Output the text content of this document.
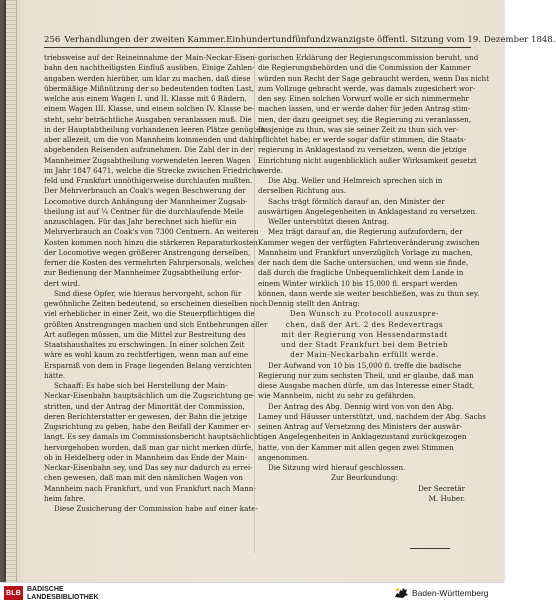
256 Verhandlungen der zweiten Kammer. Einhundertundfünfundzwanzigste öffentl. Sitzung vom 19. Dezember 1848.

triebsweise auf der Reineinnahme der Main-Neckar-Eisen-

bahn den nachtheiligsten Einfluß ausüben. Einige Zahlen-

angaben werden hierüber, um klar zu machen, daß diese

übermäßige Mißnützung der so bedeutenden todten Last,

welche aus einem Wagen I. und II. Klasse mit 6 Rädern,

einem Wagen III. Klasse, und einem solchen IV. Klasse be-

steht, sehr beträchtliche Ausgaben veranlassen muß. Die

in der Hauptabtheilung vorhandenen leeren Plätze genügten

aber allezeit, um die von Mannheim kommenden und dahin

abgehenden Reisenden aufzunehmen. Die Zahl der in der

Mannheimer Zugsabtheilung vorwendeten leeren Wagen

im Jahr 1847 6471, welche die Strecke zwischen Friedrichs-

feld und Frankfurt unnöthigerweise durchlaufen mußten.

Der Mehrverbrauch an Coak's wegen Beschwerung der

Locomotive durch Anhängung der Mannheimer Zugsab-

theilung ist auf ¼ Centner für die durchlaufende Meile

anzuschlagen. Für das Jahr berechnet sich hiefür ein

Mehrverbrauch an Coak's von 7300 Centnern. An weiteren

Kosten kommen noch hinzu die stärkeren Reparaturkosten

der Locomotive wegen größerer Anstrengung derselben,

ferner die Kosten des vermehrten Fahrpersonals, welches

zur Bedienung der Mannheimer Zugsabtheilung erfor-

dert wird.

Sind diese Opfer, wie hieraus hervorgeht, schon für

gewöhnliche Zeiten bedeutend, so erscheinen dieselben noch

viel erheblicher in einer Zeit, wo die Steuerpflichtigen die

größten Anstrengungen machen und sich Entbehrungen aller

Art auflegen müssen, um die Mittel zur Bestreitung des

Staatshaushaltes zu erschwingen. In einer solchen Zeit

wäre es wohl kaum zu rechtfertigen, wenn man auf eine

Ersparniß von dem in Frage liegenden Belang verzichten

hätte.

Schaaff: Es habe sich bei Herstellung der Main-

Neckar-Eisenbahn hauptsächlich um die Zugsrichtung ge-

stritten, und der Antrag der Minorität der Commission,

deren Berichterstatter er gewesen, der Bahn die jetzige

Zugsrichtung zu geben, habe den Beifall der Kammer er-

langt. Es sey damals im Commissionsbericht hauptsächlich

hervorgehoben worden, daß man gar nicht merken dürfe,

ob in Heidelberg oder in Mannheim das Ende der Main-

Neckar-Eisenbahn sey, und Das sey nur dadurch zu errei-

chen gewesen, daß man mit den nämlichen Wagen von

Mannheim nach Frankfurt, und von Frankfurt nach Mann-

heim fahre.

Diese Zusicherung der Commission habe auf einer kate-

gorischen Erklärung der Regierungscommission beruht, und

die Regierungsbehörden und die Commission der Kammer

würden nun Recht der Sage gebraucht werden, wenn Das nicht

zum Vollzuge gebracht werde, was damals zugesichert wor-

den sey. Einen solchen Vorwurf wolle er sich nimmermehr

machen lassen, und er werde daher für jeden Antrag stim-

men, der dazu geeignet sey, die Regierung zu veranlassen,

Dasjenige zu thun, was sie seiner Zeit zu thun sich ver-

pflichtet habe; er werde sogar dafür stimmen, die Staats-

regierung in Anklagestand zu versetzen, wenn die jetzige

Einrichtung nicht augenblicklich außer Wirksamkeit gesetzt

werde.

Die Abg. Weller und Helmreich sprechen sich in

derselben Richtung aus.

Sachs trägt förmlich darauf an, den Minister der

auswärtigen Angelegenheiten in Anklagestand zu versetzen.

Weller unterstützt diesen Antrag.

Mez trägt darauf an, die Regierung aufzufordern, der

Kammer wegen der verfügten Fahrtenveränderung zwischen

Mannheim und Frankfurt unverzüglich Vorlage zu machen,

der nach dem die Sache untersuchen, und wenn sie finde,

daß durch die fragliche Unbequemlichkeit dem Lande in

einem Winter wirklich 10 bis 15,000 fl. erspart werden

können, dann werde sie weiter beschließen, was zu thun sey.

Dennig stellt den Antrag:

Den Wunsch zu Protocoll auszuspre-

chen, daß der Art. 2 des Redevertrags

mit der Regierung von Hessendarmstadt

und der Stadt Frankfurt bei dem Betrieb

der Main-Neckarbahn erfüllt werde.

Der Aufwand von 10 bis 15,000 fl. treffe die badische

Regierung nur zum sechsten Theil, und er glaube, daß man

diese Ausgabe machen dürfe, um das Interesse einer Stadt,

wie Mannheim, nicht zu sehr zu gefährden.

Der Antrag des Abg. Dennig wird von von den Abg.

Lamey und Häusser unterstützt, und, nachdem der Abg. Sachs

seinen Antrag auf Versetzung des Ministers der auswär-

tigen Angelegenheiten in Anklagezustand zurückgezogen

hatte, von der Kammer mit allen gegen zwei Stimmen

angenommen.

Die Sitzung wird hierauf geschlossen.

Zur Beurkundung:

Der Secretär

M. Huber.

BLB BADISCHE
LANDESBIBLIOTHEK	Baden-Württemberg
